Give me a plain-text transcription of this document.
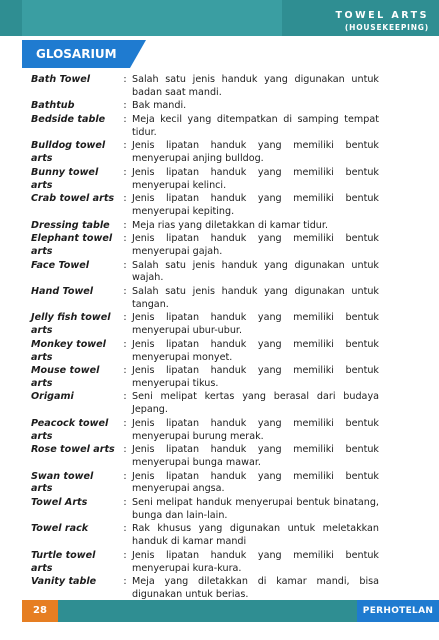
TOWEL ARTS
(HOUSEKEEPING)
GLOSARIUM
Bath Towel	: Salah satu jenis handuk yang digunakan untuk badan saat mandi.
Bathtub	: Bak mandi.
Bedside table	: Meja kecil yang ditempatkan di samping tempat tidur.
Bulldog towel arts
: Jenis lipatan handuk yang memiliki bentuk menyerupai anjing bulldog.
Bunny towel arts
: Jenis lipatan handuk yang memiliki bentuk menyerupai kelinci.
Crab towel arts : Jenis lipatan handuk yang memiliki bentuk menyerupai kepiting.
Dressing table	: Meja rias yang diletakkan di kamar tidur.
Elephant towel arts
: Jenis lipatan handuk yang memiliki bentuk menyerupai gajah.
Face Towel	: Salah satu jenis handuk yang digunakan untuk wajah.
Hand Towel	: Salah satu jenis handuk yang digunakan untuk tangan.
Jelly fish towel arts
: Jenis lipatan handuk yang memiliki bentuk menyerupai ubur-ubur.
Monkey towel arts
: Jenis lipatan handuk yang memiliki bentuk menyerupai monyet.
Mouse towel arts
: Jenis lipatan handuk yang memiliki bentuk menyerupai tikus.
Origami	: Seni melipat kertas yang berasal dari budaya Jepang.
Peacock towel arts
: Jenis lipatan handuk yang memiliki bentuk menyerupai burung merak.
Rose towel arts : Jenis lipatan handuk yang memiliki bentuk menyerupai bunga mawar.
Swan towel arts
: Jenis lipatan handuk yang memiliki bentuk menyerupai angsa.
Towel Arts	: Seni melipat handuk menyerupai bentuk binatang, bunga dan lain-lain.
Towel rack	: Rak khusus yang digunakan untuk meletakkan handuk di kamar mandi
Turtle towel arts
: Jenis lipatan handuk yang memiliki bentuk menyerupai kura-kura.
Vanity table	: Meja yang diletakkan di kamar mandi, bisa digunakan untuk berias.
28	PERHOTELAN
